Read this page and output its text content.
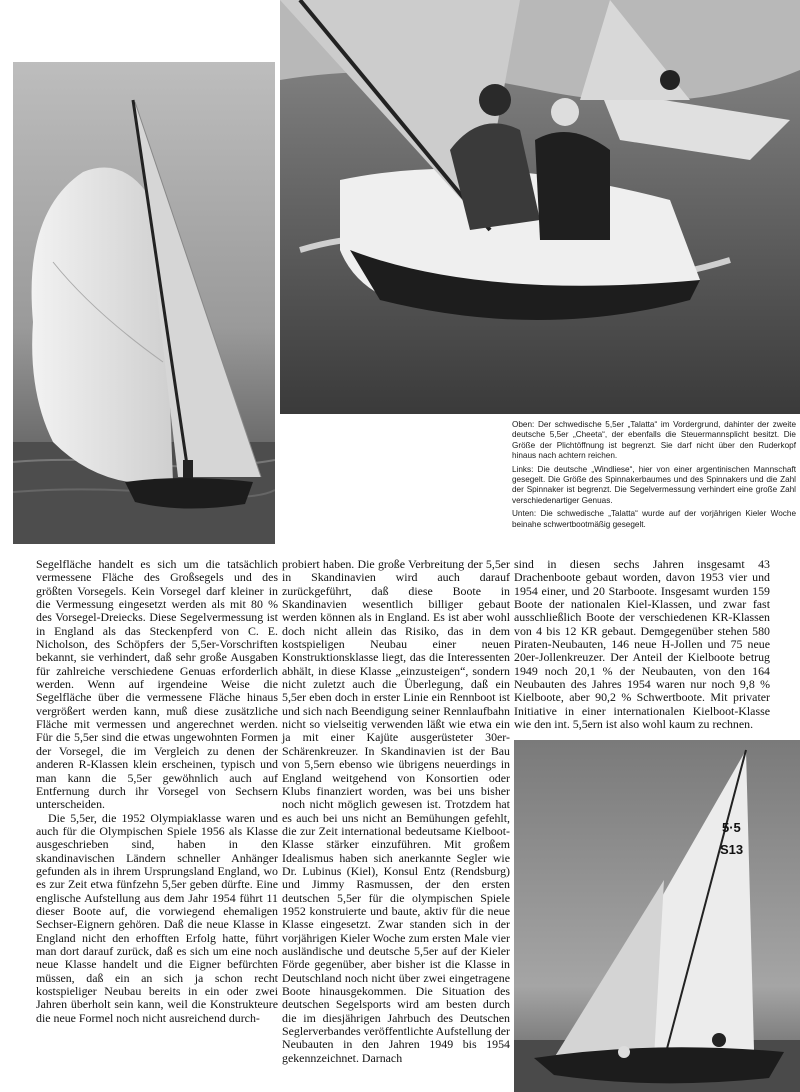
Oben: Der schwedische 5,5er „Talatta“ im Vordergrund, dahinter der zweite deutsche 5,5er „Cheeta“, der ebenfalls die Steuermannsplicht besitzt. Die Größe der Plichtöffnung ist begrenzt. Sie darf nicht über den Ruderkopf hinaus nach achtern reichen.

Links: Die deutsche „Windliese“, hier von einer argentinischen Mannschaft gesegelt. Die Größe des Spinnakerbaumes und des Spinnakers und die Zahl der Spinnaker ist begrenzt. Die Segelvermessung verhindert eine große Zahl verschiedenartiger Genuas.

Unten: Die schwedische „Talatta“ wurde auf der vorjährigen Kieler Woche beinahe schwertbootmäßig gesegelt.

Segelfläche handelt es sich um die tatsächlich vermessene Fläche des Großsegels und des größten Vorsegels. Kein Vorsegel darf kleiner in die Vermessung eingesetzt werden als mit 80 % des Vorsegel-Dreiecks. Diese Segelvermessung ist in England als das Steckenpferd von C. E. Nicholson, des Schöpfers der 5,5er-Vorschriften bekannt, sie verhindert, daß sehr große Ausgaben für zahlreiche verschiedene Genuas erforderlich werden. Wenn auf irgendeine Weise die Segelfläche über die vermessene Fläche hinaus vergrößert werden kann, muß diese zusätzliche Fläche mit vermessen und angerechnet werden. Für die 5,5er sind die etwas ungewohnten Formen der Vorsegel, die im Vergleich zu denen der anderen R-Klassen klein erscheinen, typisch und man kann die 5,5er gewöhnlich auch auf Entfernung durch ihr Vorsegel von Sechsern unterscheiden.

Die 5,5er, die 1952 Olympiaklasse waren und auch für die Olympischen Spiele 1956 als Klasse ausgeschrieben sind, haben in den skandinavischen Ländern schneller Anhänger gefunden als in ihrem Ursprungsland England, wo es zur Zeit etwa fünfzehn 5,5er geben dürfte. Eine englische Aufstellung aus dem Jahr 1954 führt 11 dieser Boote auf, die vorwiegend ehemaligen Sechser-Eignern gehören. Daß die neue Klasse in England nicht den erhofften Erfolg hatte, führt man dort darauf zurück, daß es sich um eine noch neue Klasse handelt und die Eigner befürchten müssen, daß ein an sich ja schon recht kostspieliger Neubau bereits in ein oder zwei Jahren überholt sein kann, weil die Konstrukteure die neue Formel noch nicht ausreichend durch-

probiert haben. Die große Verbreitung der 5,5er in Skandinavien wird auch darauf zurückgeführt, daß diese Boote in Skandinavien wesentlich billiger gebaut werden können als in England. Es ist aber wohl doch nicht allein das Risiko, das in dem kostspieligen Neubau einer neuen Konstruktionsklasse liegt, das die Interessenten abhält, in diese Klasse „einzusteigen“, sondern nicht zuletzt auch die Überlegung, daß ein 5,5er eben doch in erster Linie ein Rennboot ist und sich nach Beendigung seiner Rennlaufbahn nicht so vielseitig verwenden läßt wie etwa ein ja mit einer Kajüte ausgerüsteter 30er-Schärenkreuzer. In Skandinavien ist der Bau von 5,5ern ebenso wie übrigens neuerdings in England weitgehend von Konsortien oder Klubs finanziert worden, was bei uns bisher noch nicht möglich gewesen ist. Trotzdem hat es auch bei uns nicht an Bemühungen gefehlt, die zur Zeit international bedeutsame Kielboot-Klasse stärker einzuführen. Mit großem Idealismus haben sich anerkannte Segler wie Dr. Lubinus (Kiel), Konsul Entz (Rendsburg) und Jimmy Rasmussen, der den ersten deutschen 5,5er für die olympischen Spiele 1952 konstruierte und baute, aktiv für die neue Klasse eingesetzt. Zwar standen sich in der vorjährigen Kieler Woche zum ersten Male vier ausländische und deutsche 5,5er auf der Kieler Förde gegenüber, aber bisher ist die Klasse in Deutschland noch nicht über zwei eingetragene Boote hinausgekommen. Die Situation des deutschen Segelsports wird am besten durch die im diesjährigen Jahrbuch des Deutschen Seglerverbandes veröffentlichte Aufstellung der Neubauten in den Jahren 1949 bis 1954 gekennzeichnet. Darnach

sind in diesen sechs Jahren insgesamt 43 Drachenboote gebaut worden, davon 1953 vier und 1954 einer, und 20 Starboote. Insgesamt wurden 159 Boote der nationalen Kiel-Klassen, und zwar fast ausschließlich Boote der verschiedenen KR-Klassen von 4 bis 12 KR gebaut. Demgegenüber stehen 580 Piraten-Neubauten, 146 neue H-Jollen und 75 neue 20er-Jollenkreuzer. Der Anteil der Kielboote betrug 1949 noch 20,1 % der Neubauten, von den 164 Neubauten des Jahres 1954 waren nur noch 9,8 % Kielboote, aber 90,2 % Schwertboote. Mit privater Initiative in einer internationalen Kielboot-Klasse wie den int. 5,5ern ist also wohl kaum zu rechnen.

5·5
S13
